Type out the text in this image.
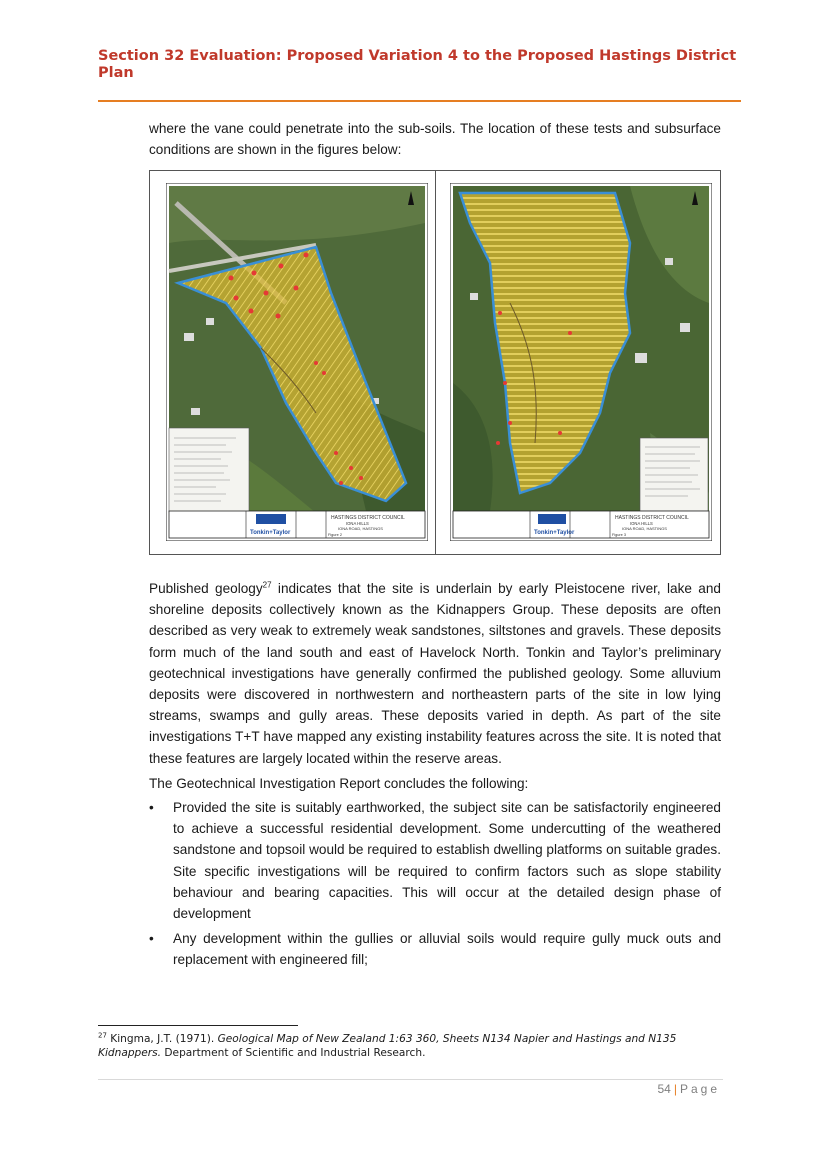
Section 32 Evaluation: Proposed Variation 4 to the Proposed Hastings District Plan

where the vane could penetrate into the sub-soils. The location of these tests and subsurface conditions are shown in the figures below:

Tonkin+Taylor
HASTINGS DISTRICT COUNCIL
IONA HILLS
IONA ROAD, HASTINGS
Figure 2	Tonkin+Taylor
HASTINGS DISTRICT COUNCIL
IONA HILLS
IONA ROAD, HASTINGS
Figure 3

Published geology$^{27}$ indicates that the site is underlain by early Pleistocene river, lake and shoreline deposits collectively known as the Kidnappers Group. These deposits are often described as very weak to extremely weak sandstones, siltstones and gravels. These deposits form much of the land south and east of Havelock North. Tonkin and Taylor’s preliminary geotechnical investigations have generally confirmed the published geology. Some alluvium deposits were discovered in northwestern and northeastern parts of the site in low lying streams, swamps and gully areas. These deposits varied in depth. As part of the site investigations T+T have mapped any existing instability features across the site. It is noted that these features are largely located within the reserve areas.

The Geotechnical Investigation Report concludes the following:

• Provided the site is suitably earthworked, the subject site can be satisfactorily engineered to achieve a successful residential development. Some undercutting of the weathered sandstone and topsoil would be required to establish dwelling platforms on suitable grades. Site specific investigations will be required to confirm factors such as slope stability behaviour and bearing capacities. This will occur at the detailed design phase of development
• Any development within the gullies or alluvial soils would require gully muck outs and replacement with engineered fill;
$^{27}$ Kingma, J.T. (1971). Geological Map of New Zealand 1:63 360, Sheets N134 Napier and Hastings and N135 Kidnappers. Department of Scientific and Industrial Research.
54 | Page
